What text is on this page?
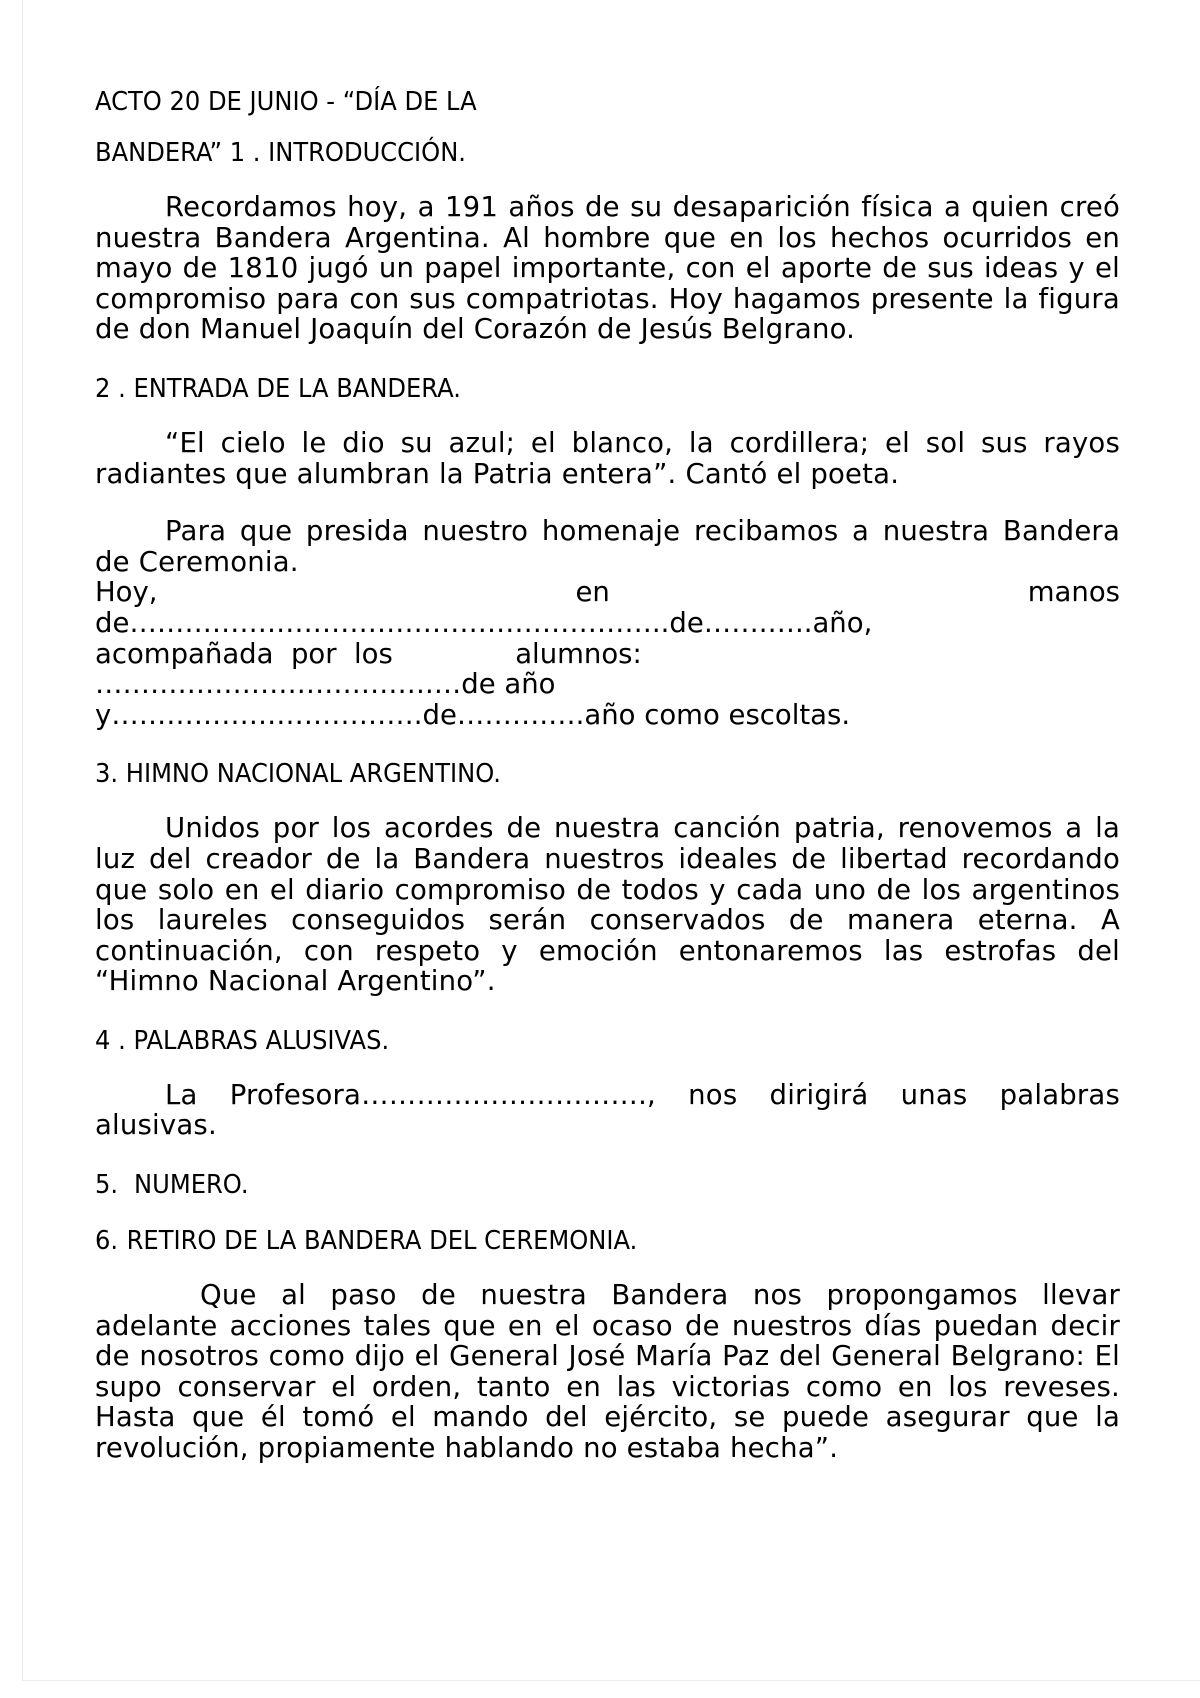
ACTO 20 DE JUNIO - “DÍA DE LA
BANDERA” 1 . INTRODUCCIÓN.

Recordamos hoy, a 191 años de su desaparición física a quien creó nuestra Bandera Argentina. Al hombre que en los hechos ocurridos en mayo de 1810 jugó un papel importante, con el aporte de sus ideas y el compromiso para con sus compatriotas. Hoy hagamos presente la figura de don Manuel Joaquín del Corazón de Jesús Belgrano.

2 . ENTRADA DE LA BANDERA.

“El cielo le dio su azul; el blanco, la cordillera; el sol sus rayos radiantes que alumbran la Patria entera”. Cantó el poeta.

Para que presida nuestro homenaje recibamos a nuestra Bandera de Ceremonia.

Hoy,	en	manos
de…………………………………………………..de…….…..año,
acompañada  por  los              alumnos:
……………………………….…de año
y…………………………….de……….….año como escoltas.
3. HIMNO NACIONAL ARGENTINO.

Unidos por los acordes de nuestra canción patria, renovemos a la luz del creador de la Bandera nuestros ideales de libertad recordando que solo en el diario compromiso de todos y cada uno de los argentinos los laureles conseguidos serán conservados de manera eterna. A continuación, con respeto y emoción entonaremos las estrofas del “Himno Nacional Argentino”.

4 . PALABRAS ALUSIVAS.

La Profesora…………………………., nos dirigirá unas palabras alusivas.

5. NUMERO.
6. RETIRO DE LA BANDERA DEL CEREMONIA.

Que al paso de nuestra Bandera nos propongamos llevar adelante acciones tales que en el ocaso de nuestros días puedan decir de nosotros como dijo el General José María Paz del General Belgrano: El supo conservar el orden, tanto en las victorias como en los reveses. Hasta que él tomó el mando del ejército, se puede asegurar que la revolución, propiamente hablando no estaba hecha”.
